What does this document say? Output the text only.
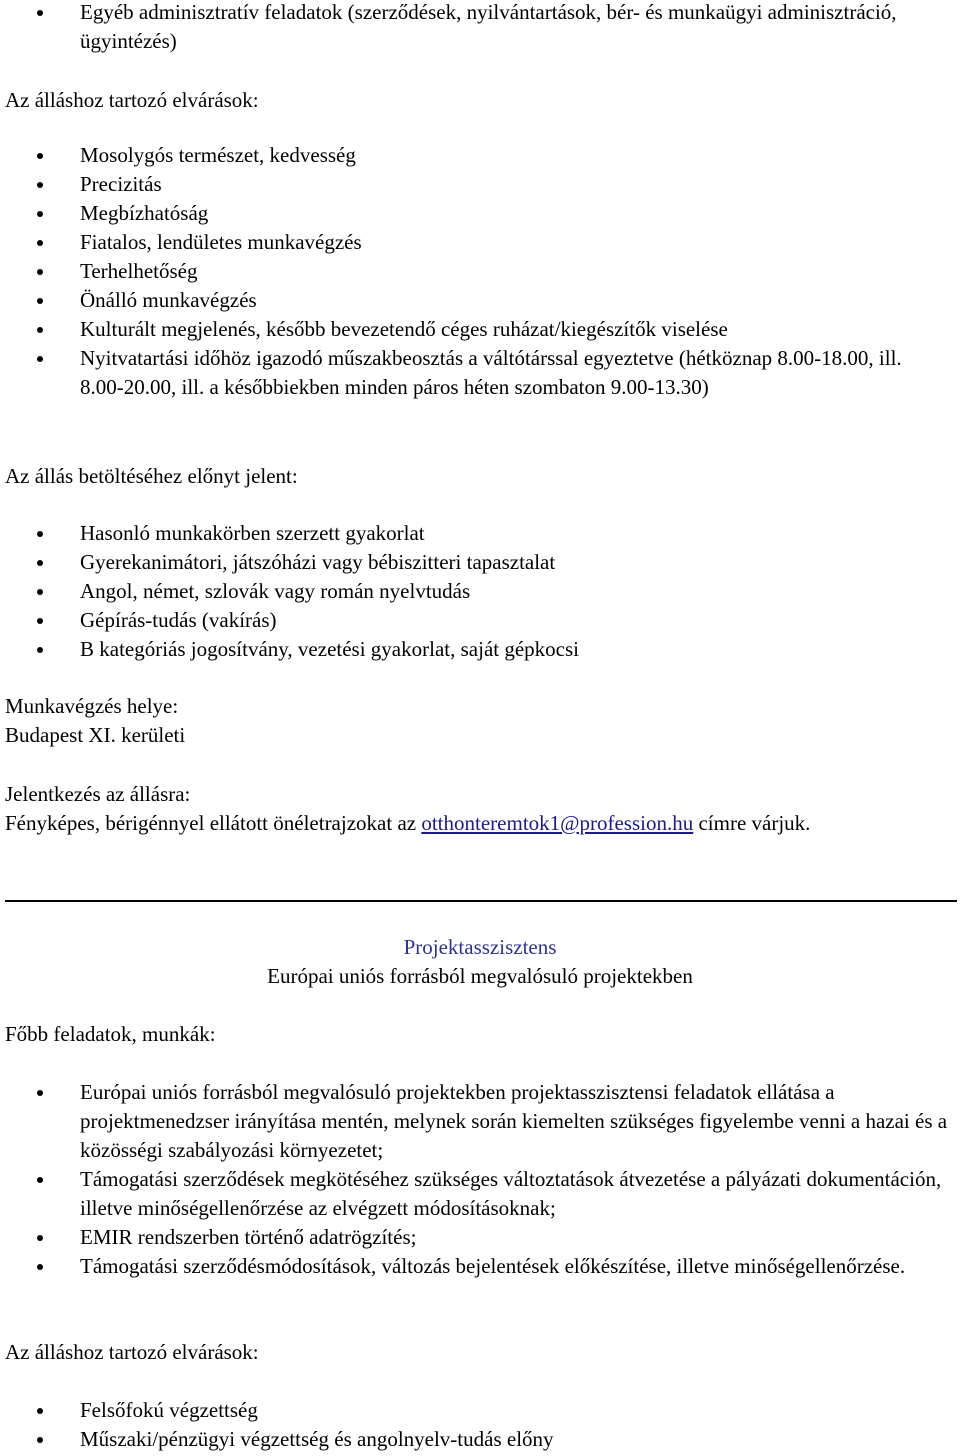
Egyéb adminisztratív feladatok (szerződések, nyilvántartások, bér- és munkaügyi adminisztráció, ügyintézés)

Az álláshoz tartozó elvárások:

Mosolygós természet, kedvesség
Precizitás
Megbízhatóság
Fiatalos, lendületes munkavégzés
Terhelhetőség
Önálló munkavégzés
Kulturált megjelenés, később bevezetendő céges ruházat/kiegészítők viselése
Nyitvatartási időhöz igazodó műszakbeosztás a váltótárssal egyeztetve (hétköznap 8.00-18.00, ill. 8.00-20.00, ill. a későbbiekben minden páros héten szombaton 9.00-13.30)

Az állás betöltéséhez előnyt jelent:

Hasonló munkakörben szerzett gyakorlat
Gyerekanimátori, játszóházi vagy bébiszitteri tapasztalat
Angol, német, szlovák vagy román nyelvtudás
Gépírás-tudás (vakírás)
B kategóriás jogosítvány, vezetési gyakorlat, saját gépkocsi

Munkavégzés helye:

Budapest XI. kerületi

Jelentkezés az állásra:

Fényképes, bérigénnyel ellátott önéletrajzokat az otthonteremtok1@profession.hu címre várjuk.

Projektasszisztens
Európai uniós forrásból megvalósuló projektekben

Főbb feladatok, munkák:

Európai uniós forrásból megvalósuló projektekben projektasszisztensi feladatok ellátása a projektmenedzser irányítása mentén, melynek során kiemelten szükséges figyelembe venni a hazai és a közösségi szabályozási környezetet;
Támogatási szerződések megkötéséhez szükséges változtatások átvezetése a pályázati dokumentáción, illetve minőségellenőrzése az elvégzett módosításoknak;
EMIR rendszerben történő adatrögzítés;
Támogatási szerződésmódosítások, változás bejelentések előkészítése, illetve minőségellenőrzése.

Az álláshoz tartozó elvárások:

Felsőfokú végzettség
Műszaki/pénzügyi végzettség és angolnyelv-tudás előny
